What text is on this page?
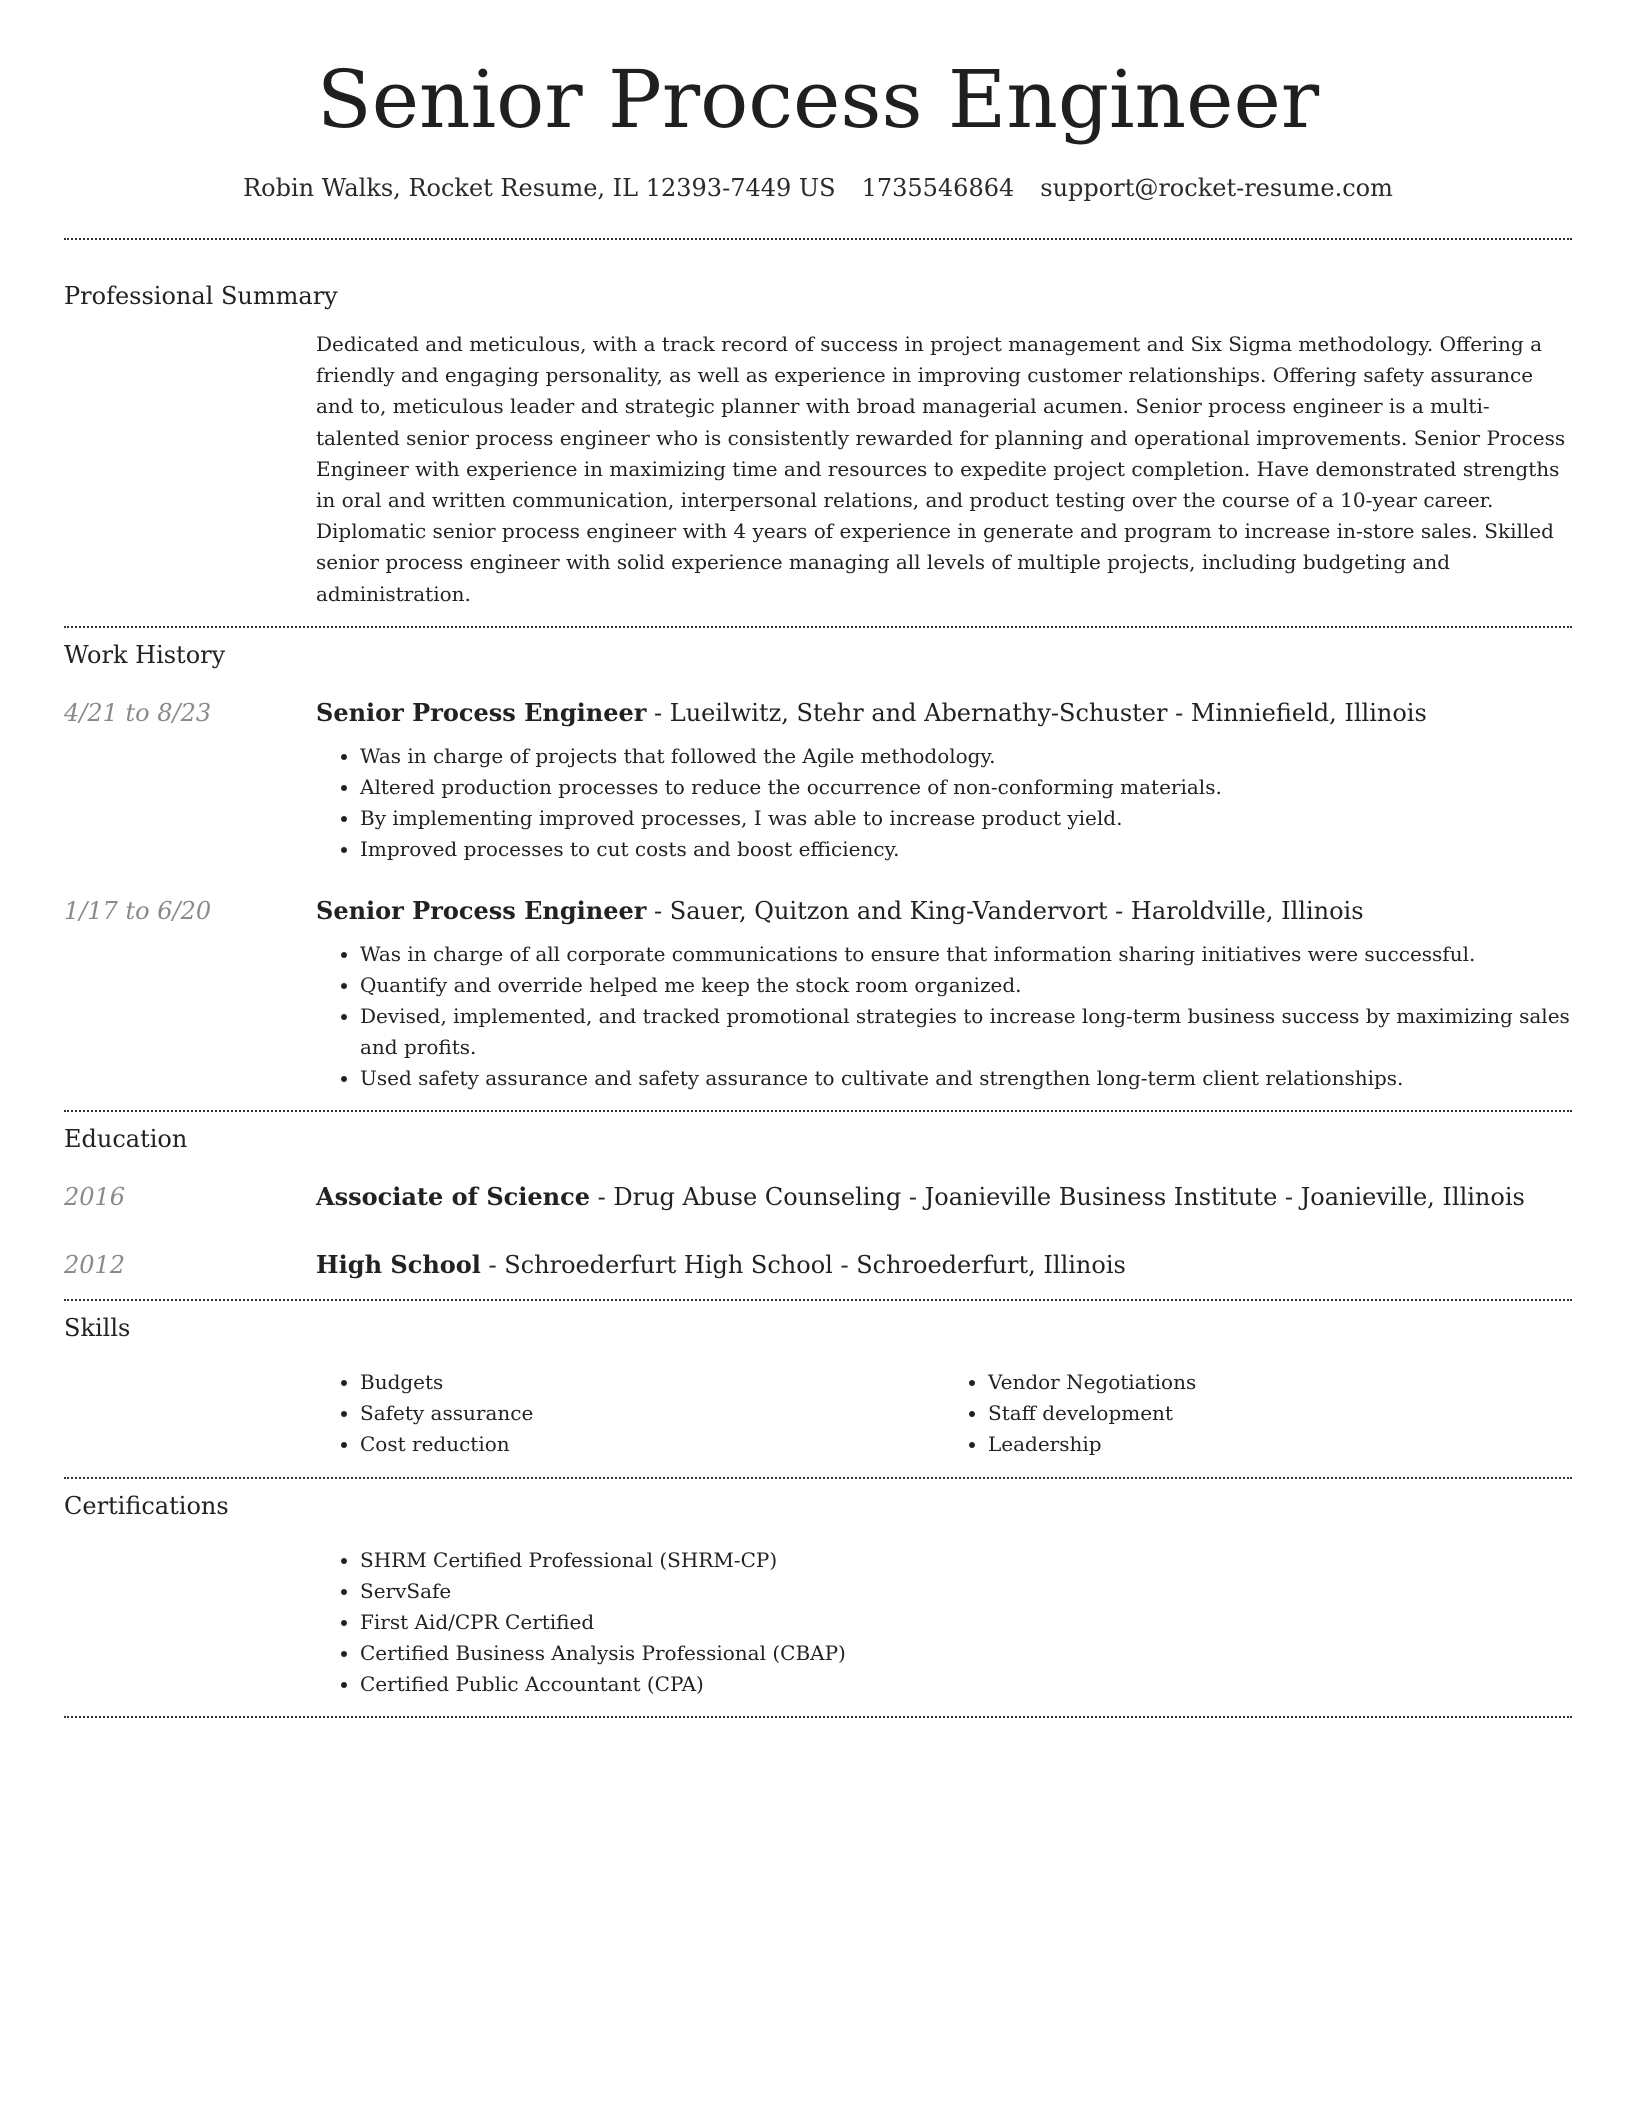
Senior Process Engineer
Robin Walks, Rocket Resume, IL 12393-7449 US 1735546864 support@rocket-resume.com
Professional Summary

Dedicated and meticulous, with a track record of success in project management and Six Sigma methodology. Offering a friendly and engaging personality, as well as experience in improving customer relationships. Offering safety assurance and to, meticulous leader and strategic planner with broad managerial acumen. Senior process engineer is a multi-talented senior process engineer who is consistently rewarded for planning and operational improvements. Senior Process Engineer with experience in maximizing time and resources to expedite project completion. Have demonstrated strengths in oral and written communication, interpersonal relations, and product testing over the course of a 10-year career. Diplomatic senior process engineer with 4 years of experience in generate and program to increase in-store sales. Skilled senior process engineer with solid experience managing all levels of multiple projects, including budgeting and administration.

Work History
4/21 to 8/23	Senior Process Engineer - Lueilwitz, Stehr and Abernathy-Schuster - Minniefield, Illinois

• Was in charge of projects that followed the Agile methodology.
• Altered production processes to reduce the occurrence of non-conforming materials.
• By implementing improved processes, I was able to increase product yield.
• Improved processes to cut costs and boost efficiency.
1/17 to 6/20	Senior Process Engineer - Sauer, Quitzon and King-Vandervort - Haroldville, Illinois

• Was in charge of all corporate communications to ensure that information sharing initiatives were successful.
• Quantify and override helped me keep the stock room organized.
• Devised, implemented, and tracked promotional strategies to increase long-term business success by maximizing sales and profits.
• Used safety assurance and safety assurance to cultivate and strengthen long-term client relationships.
Education
2016	Associate of Science - Drug Abuse Counseling - Joanieville Business Institute - Joanieville, Illinois

2012	High School - Schroederfurt High School - Schroederfurt, Illinois

Skills
• Budgets
• Safety assurance
• Cost reduction
• Vendor Negotiations
• Staff development
• Leadership
Certifications
• SHRM Certified Professional (SHRM-CP)
• ServSafe
• First Aid/CPR Certified
• Certified Business Analysis Professional (CBAP)
• Certified Public Accountant (CPA)
